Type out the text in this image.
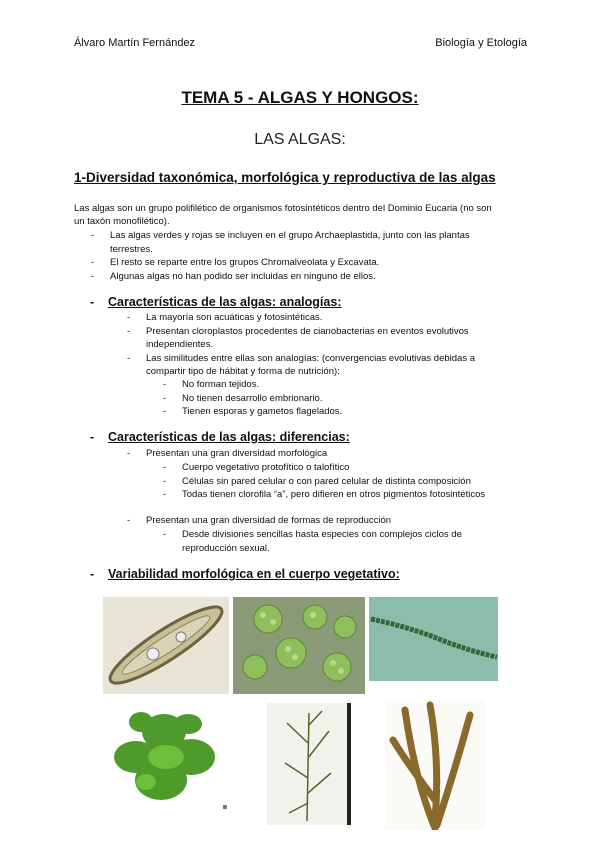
Álvaro Martín Fernández	Biología y Etología
TEMA 5 - ALGAS Y HONGOS:
LAS ALGAS:
1-Diversidad taxonómica, morfológica y reproductiva de las algas
Las algas son un grupo polifilético de organismos fotosintéticos dentro del Dominio Eucaria (no son
un taxón monofilético).
- Las algas verdes y rojas se incluyen en el grupo Archaeplastida, junto con las plantas
terrestres.
- El resto se reparte entre los grupos Chromalveolata y Excavata.
- Algunas algas no han podido ser incluidas en ninguno de ellos.
- Características de las algas: analogías:
- La mayoría son acuáticas y fotosintéticas.
- Presentan cloroplastos procedentes de cianobacterias en eventos evolutivos
independientes.
- Las similitudes entre ellas son analogías: (convergencias evolutivas debidas a
compartir tipo de hábitat y forma de nutrición):
- No forman tejidos.
- No tienen desarrollo embrionario.
- Tienen esporas y gametos flagelados.
- Características de las algas: diferencias:
- Presentan una gran diversidad morfológica
- Cuerpo vegetativo protofítico o talofítico
- Células sin pared celular o con pared celular de distinta composición
- Todas tienen clorofila “a”, pero difieren en otros pigmentos fotosintéticos
- Presentan una gran diversidad de formas de reproducción
- Desde divisiones sencillas hasta especies con complejos ciclos de
reproducción sexual.
- Variabilidad morfológica en el cuerpo vegetativo:
